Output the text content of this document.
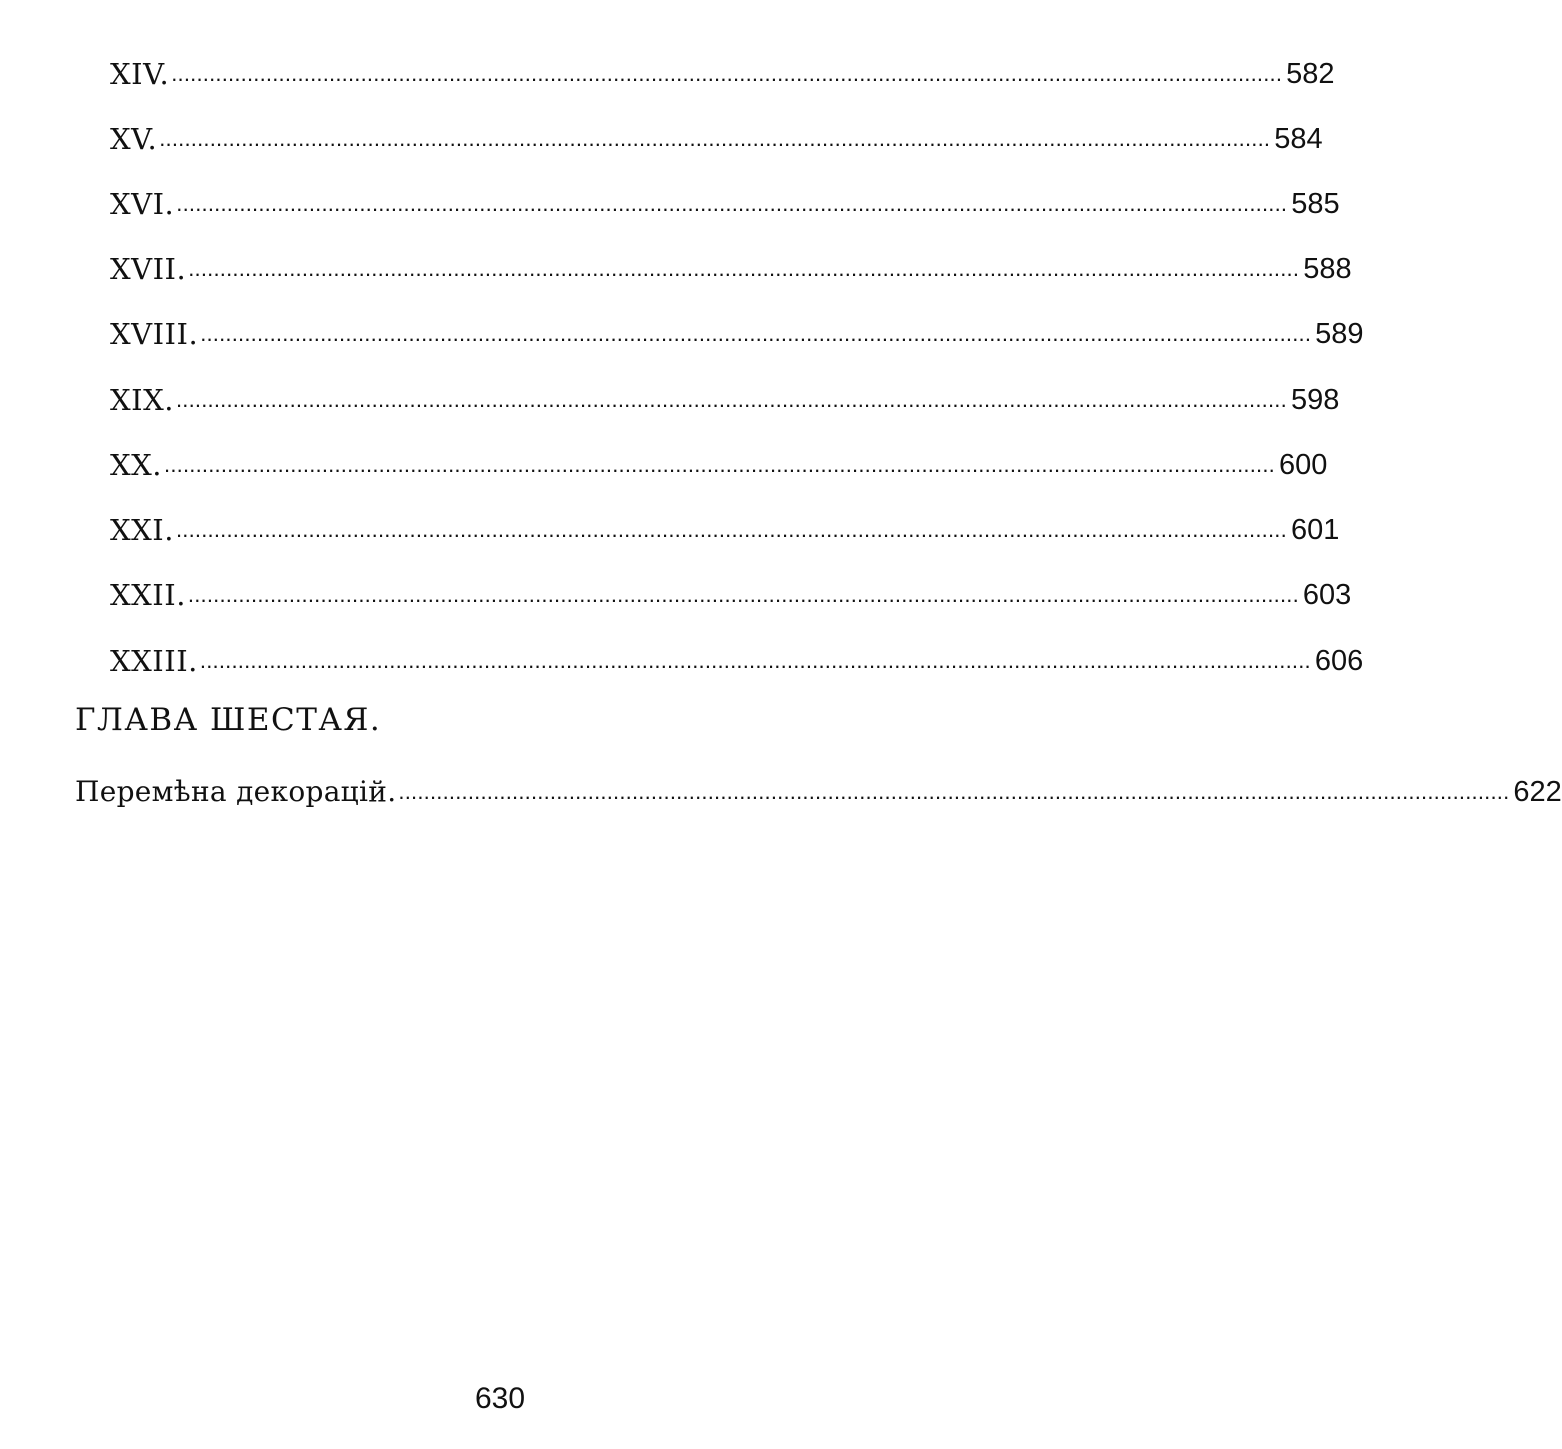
XIV. ................................................................................................................................................................................ 582
XV. ................................................................................................................................................................................ 584
XVI. ................................................................................................................................................................................ 585
XVII. ................................................................................................................................................................................ 588
XVIII. ................................................................................................................................................................................ 589
XIX. ................................................................................................................................................................................ 598
XX. ................................................................................................................................................................................ 600
XXI. ................................................................................................................................................................................ 601
XXII. ................................................................................................................................................................................ 603
XXIII. ................................................................................................................................................................................ 606
ГЛАВА ШЕСТАЯ.
Перемѣна декорацій. ................................................................................................................................................................................ 622
630
